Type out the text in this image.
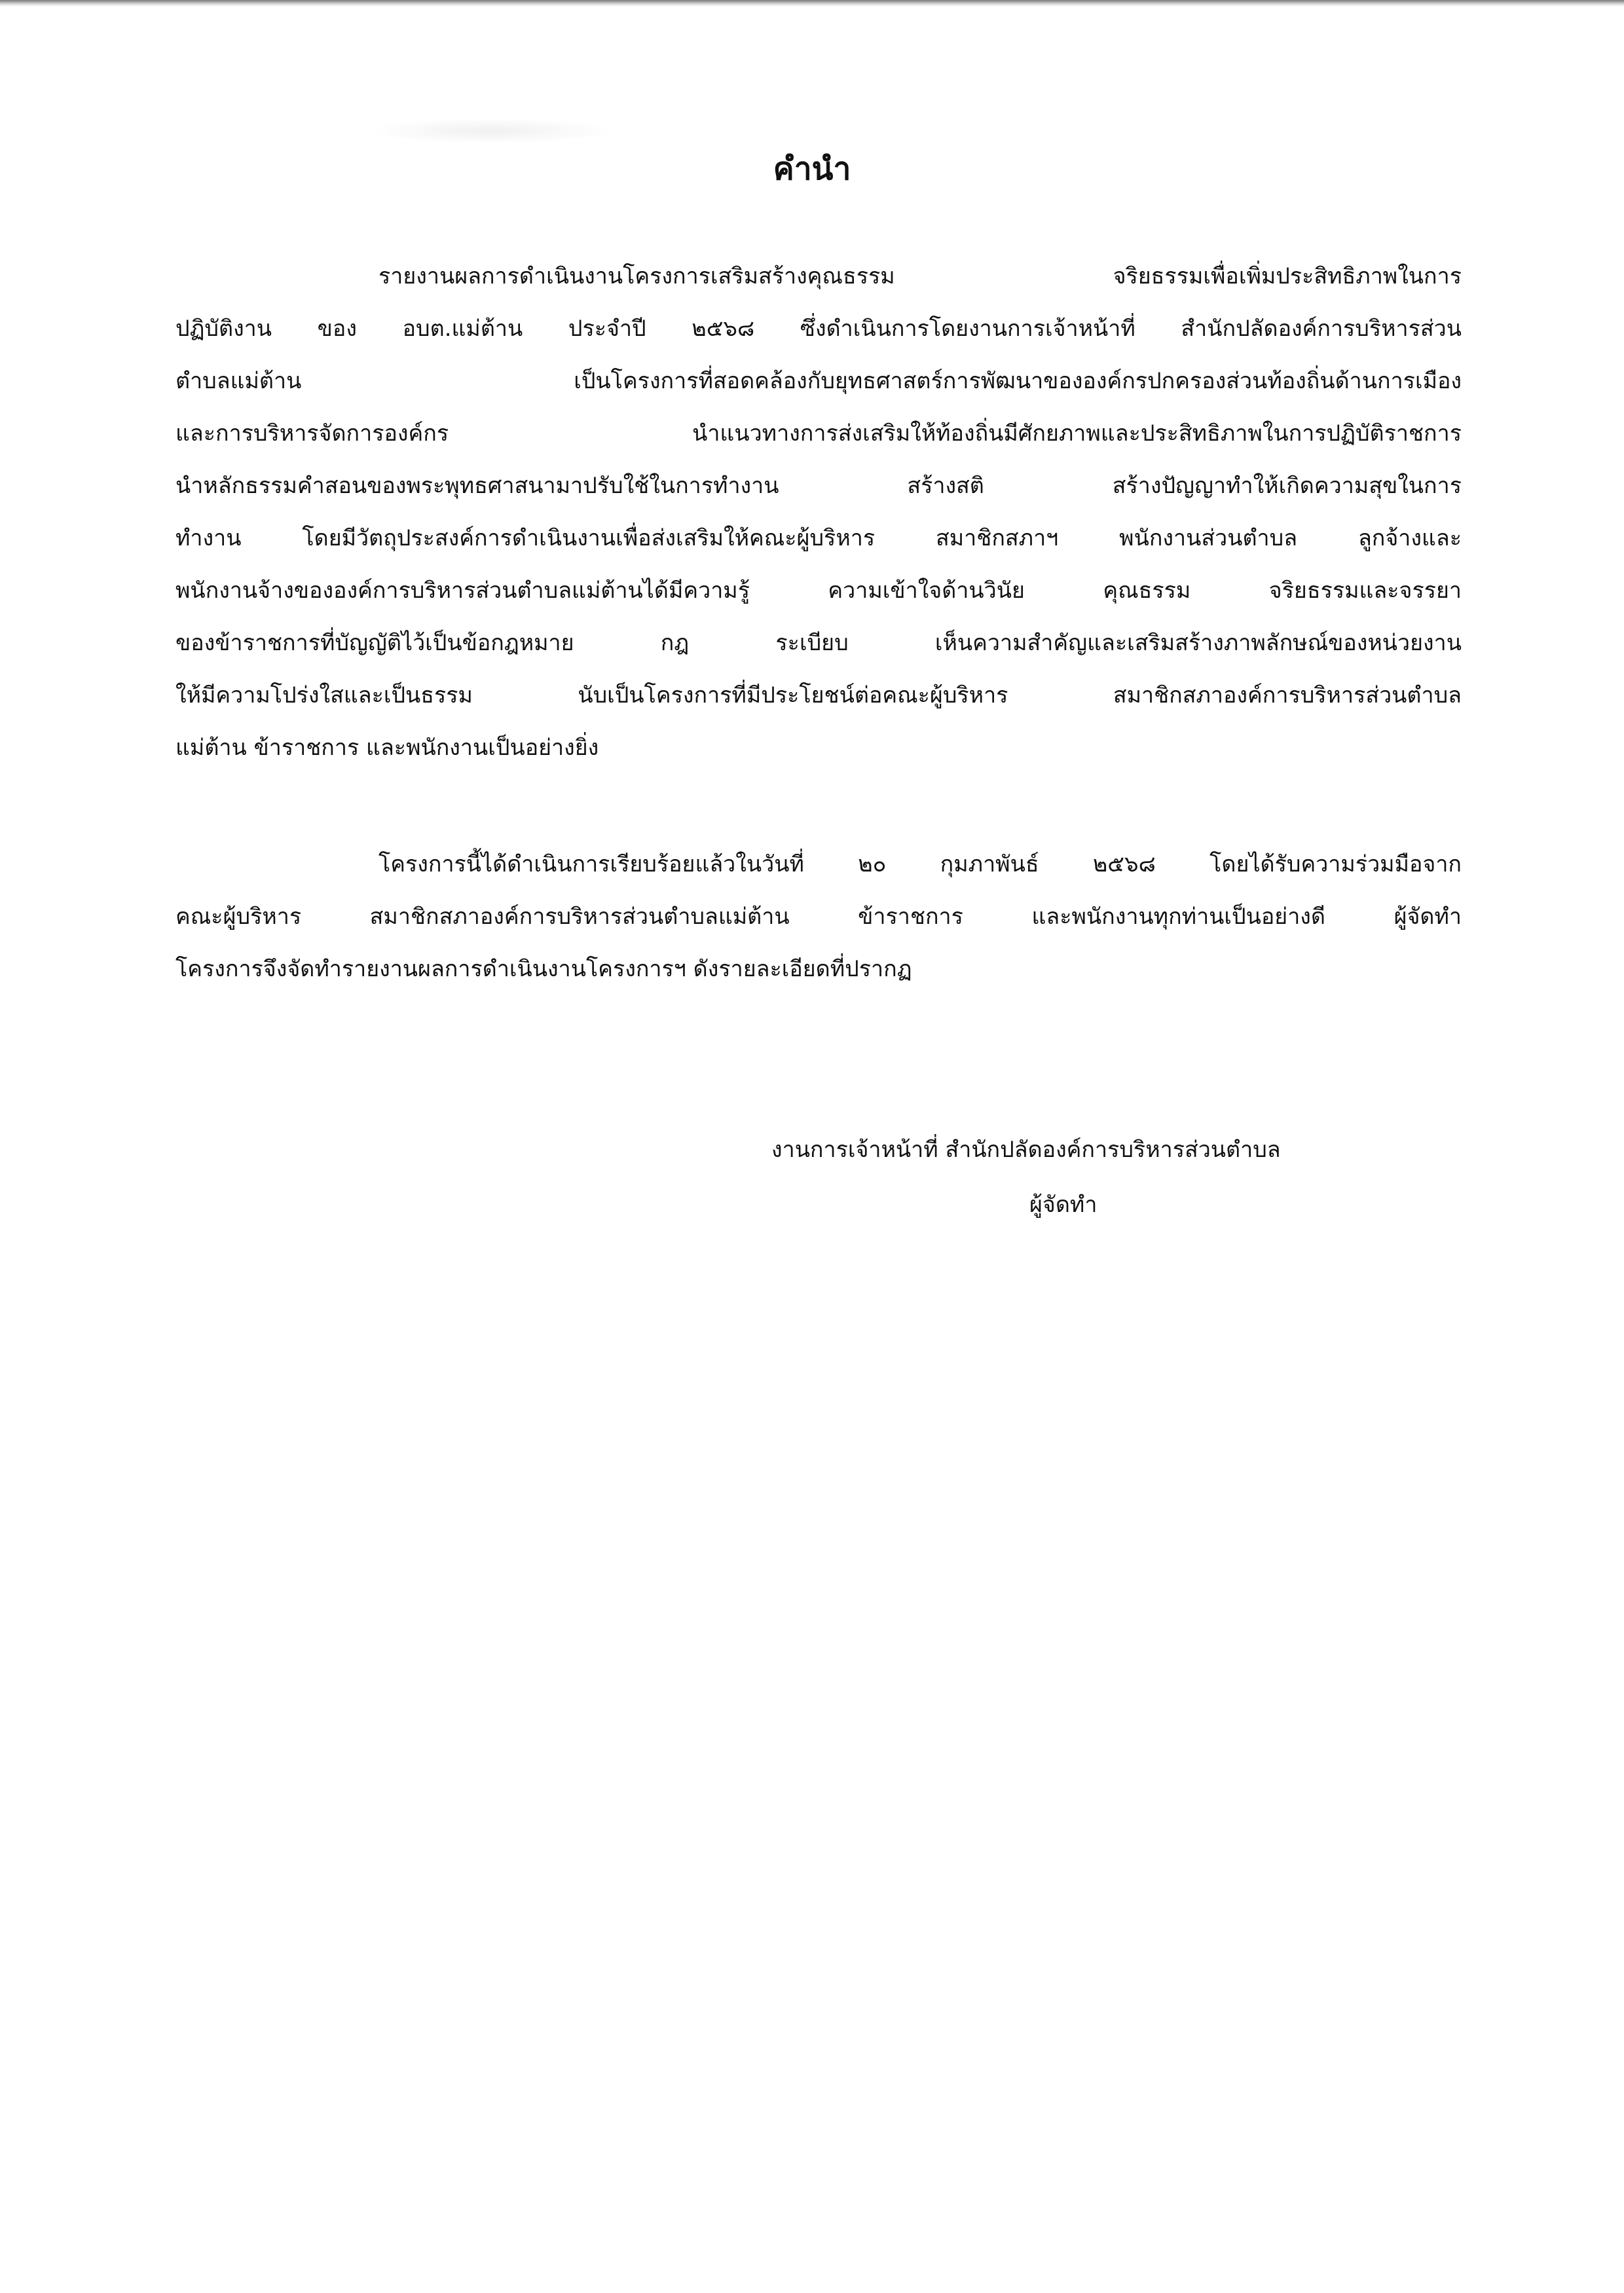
คำนำ
รายงานผลการดำเนินงานโครงการเสริมสร้างคุณธรรม จริยธรรมเพื่อเพิ่มประสิทธิภาพในการ
ปฏิบัติงาน ของ อบต.แม่ต้าน ประจำปี ๒๕๖๘ ซึ่งดำเนินการโดยงานการเจ้าหน้าที่ สำนักปลัดองค์การบริหารส่วน
ตำบลแม่ต้าน เป็นโครงการที่สอดคล้องกับยุทธศาสตร์การพัฒนาขององค์กรปกครองส่วนท้องถิ่นด้านการเมือง
และการบริหารจัดการองค์กร นำแนวทางการส่งเสริมให้ท้องถิ่นมีศักยภาพและประสิทธิภาพในการปฏิบัติราชการ
นำหลักธรรมคำสอนของพระพุทธศาสนามาปรับใช้ในการทำงาน สร้างสติ สร้างปัญญาทำให้เกิดความสุขในการ
ทำงาน โดยมีวัตถุประสงค์การดำเนินงานเพื่อส่งเสริมให้คณะผู้บริหาร สมาชิกสภาฯ พนักงานส่วนตำบล ลูกจ้างและ
พนักงานจ้างขององค์การบริหารส่วนตำบลแม่ต้านได้มีความรู้ ความเข้าใจด้านวินัย คุณธรรม จริยธรรมและจรรยา
ของข้าราชการที่บัญญัติไว้เป็นข้อกฎหมาย กฎ ระเบียบ เห็นความสำคัญและเสริมสร้างภาพลักษณ์ของหน่วยงาน
ให้มีความโปร่งใสและเป็นธรรม นับเป็นโครงการที่มีประโยชน์ต่อคณะผู้บริหาร สมาชิกสภาองค์การบริหารส่วนตำบล
แม่ต้าน ข้าราชการ และพนักงานเป็นอย่างยิ่ง
โครงการนี้ได้ดำเนินการเรียบร้อยแล้วในวันที่ ๒๐ กุมภาพันธ์ ๒๕๖๘ โดยได้รับความร่วมมือจาก
คณะผู้บริหาร สมาชิกสภาองค์การบริหารส่วนตำบลแม่ต้าน ข้าราชการ และพนักงานทุกท่านเป็นอย่างดี ผู้จัดทำ
โครงการจึงจัดทำรายงานผลการดำเนินงานโครงการฯ ดังรายละเอียดที่ปรากฏ
งานการเจ้าหน้าที่ สำนักปลัดองค์การบริหารส่วนตำบล
ผู้จัดทำ
